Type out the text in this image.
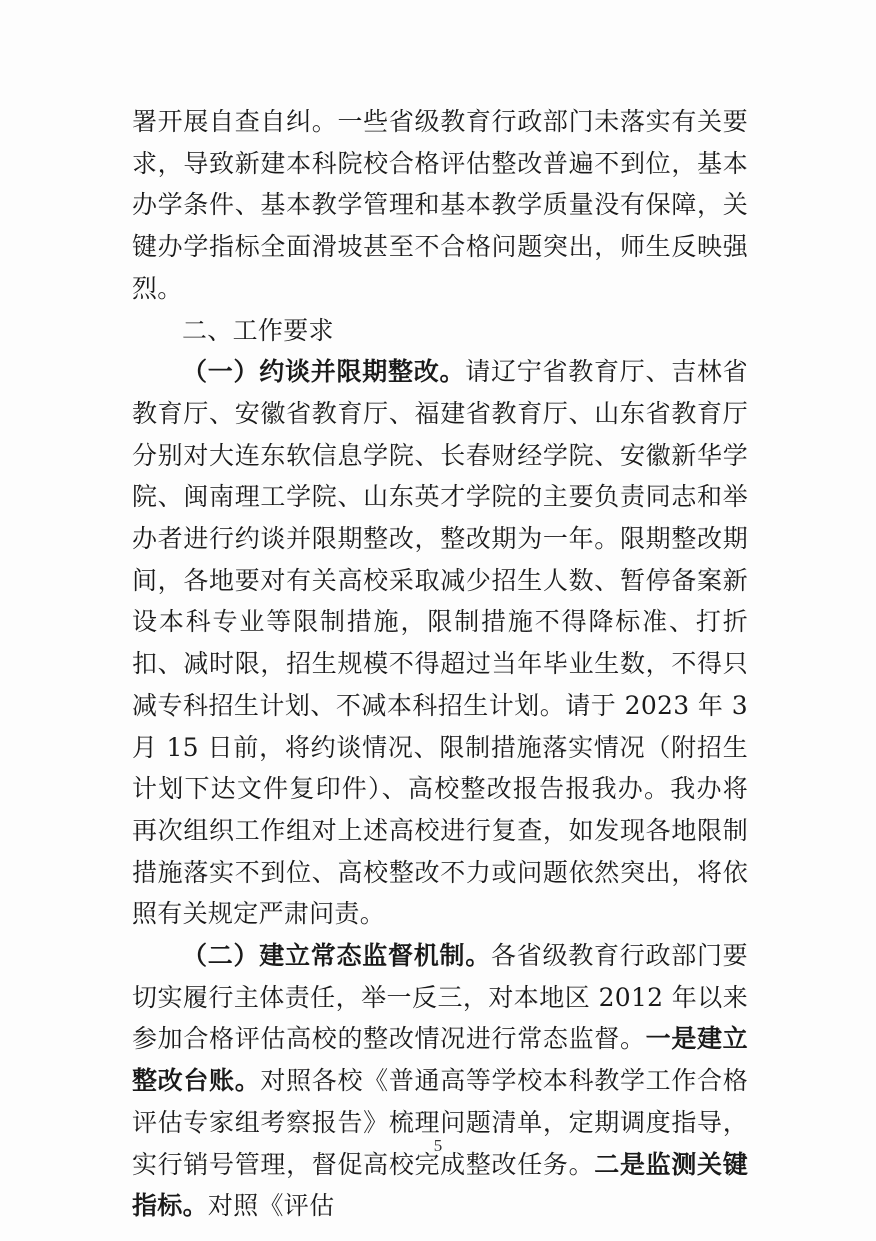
署开展自查自纠。一些省级教育行政部门未落实有关要求，导致新建本科院校合格评估整改普遍不到位，基本办学条件、基本教学管理和基本教学质量没有保障，关键办学指标全面滑坡甚至不合格问题突出，师生反映强烈。

二、工作要求

（一）约谈并限期整改。请辽宁省教育厅、吉林省教育厅、安徽省教育厅、福建省教育厅、山东省教育厅分别对大连东软信息学院、长春财经学院、安徽新华学院、闽南理工学院、山东英才学院的主要负责同志和举办者进行约谈并限期整改，整改期为一年。限期整改期间，各地要对有关高校采取减少招生人数、暂停备案新设本科专业等限制措施，限制措施不得降标准、打折扣、减时限，招生规模不得超过当年毕业生数，不得只减专科招生计划、不减本科招生计划。请于 2023 年 3 月 15 日前，将约谈情况、限制措施落实情况（附招生计划下达文件复印件）、高校整改报告报我办。我办将再次组织工作组对上述高校进行复查，如发现各地限制措施落实不到位、高校整改不力或问题依然突出，将依照有关规定严肃问责。

（二）建立常态监督机制。各省级教育行政部门要切实履行主体责任，举一反三，对本地区 2012 年以来参加合格评估高校的整改情况进行常态监督。一是建立整改台账。对照各校《普通高等学校本科教学工作合格评估专家组考察报告》梳理问题清单，定期调度指导，实行销号管理，督促高校完成整改任务。二是监测关键指标。对照《评估

5
